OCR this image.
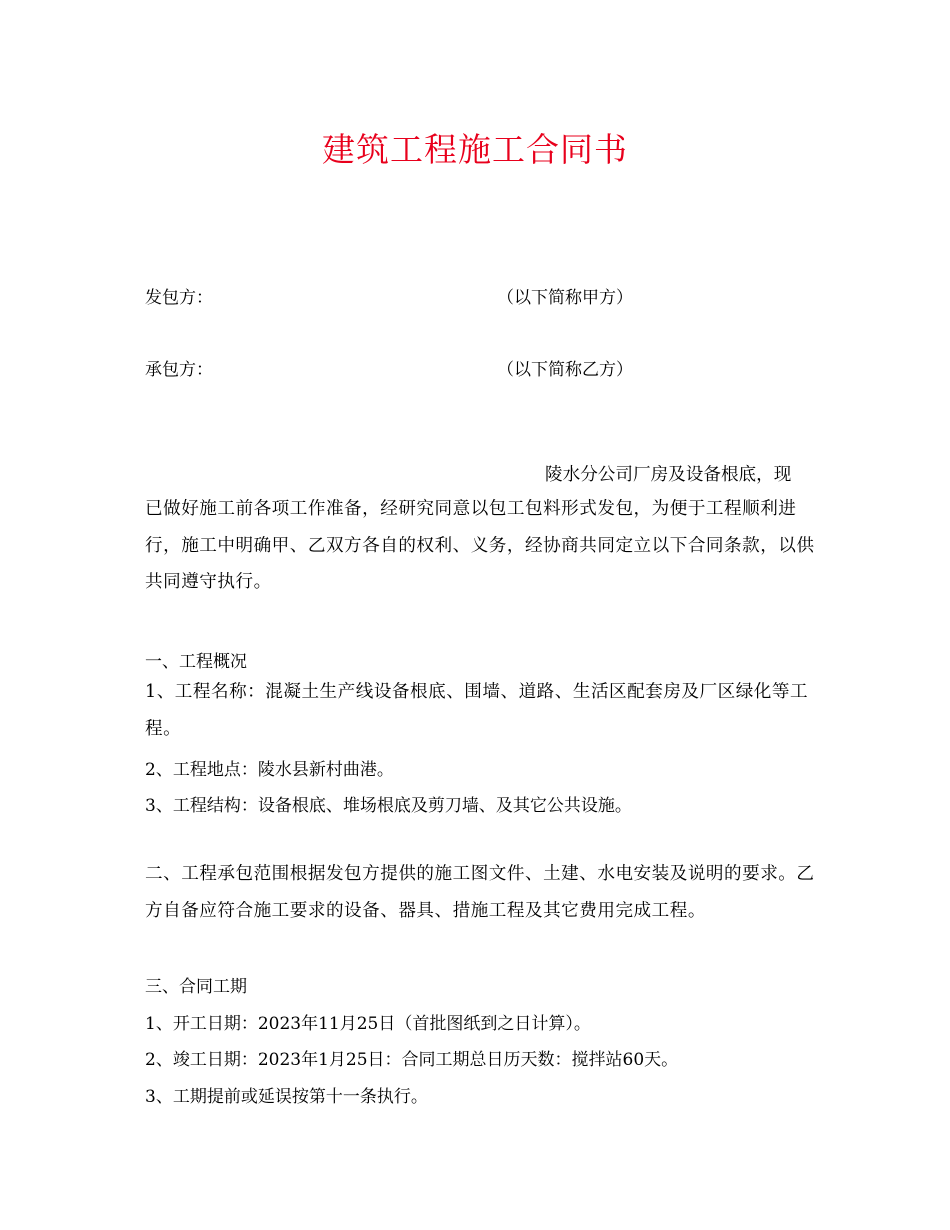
建筑工程施工合同书
发包方：	（以下简称甲方）
承包方：	（以下简称乙方）
陵水分公司厂房及设备根底，现

已做好施工前各项工作准备，经研究同意以包工包料形式发包，为便于工程顺利进行，施工中明确甲、乙双方各自的权利、义务，经协商共同定立以下合同条款，以供共同遵守执行。

一、工程概况

1、工程名称：混凝土生产线设备根底、围墙、道路、生活区配套房及厂区绿化等工程。

2、工程地点：陵水县新村曲港。
3、工程结构：设备根底、堆场根底及剪刀墙、及其它公共设施。

二、工程承包范围根据发包方提供的施工图文件、土建、水电安装及说明的要求。乙方自备应符合施工要求的设备、器具、措施工程及其它费用完成工程。

三、合同工期
1、开工日期：2023年11月25日（首批图纸到之日计算）。
2、竣工日期：2023年1月25日：合同工期总日历天数：搅拌站60天。
3、工期提前或延误按第十一条执行。
